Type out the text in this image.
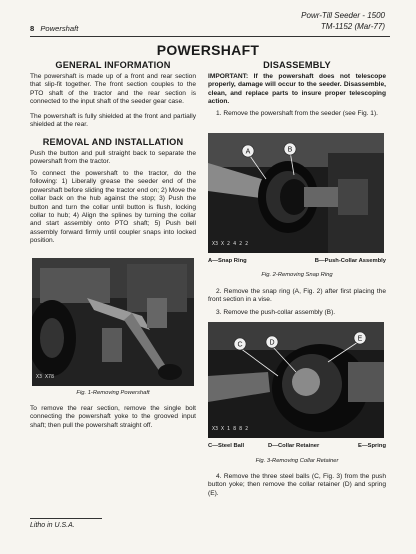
Powr-Till Seeder - 1500
TM-1152 (Mar-77)
8 Powershaft
POWERSHAFT
GENERAL INFORMATION

The powershaft is made up of a front and rear section that slip-fit together. The front section couples to the PTO shaft of the tractor and the rear section is connected to the input shaft of the seeder gear case.

The powershaft is fully shielded at the front and partially shielded at the rear.

REMOVAL AND INSTALLATION

Push the button and pull straight back to separate the powershaft from the tractor.

To connect the powershaft to the tractor, do the following: 1) Liberally grease the seeder end of the powershaft before sliding the tractor end on; 2) Move the collar back on the hub against the stop; 3) Push the button and turn the collar until button is flush, locking collar to hub; 4) Align the splines by turning the collar and start assembly onto PTO shaft; 5) Push bell assembly forward firmly until coupler snaps into locked position.

X3 X78
Fig. 1-Removing Powershaft

To remove the rear section, remove the single bolt connecting the powershaft yoke to the grooved input shaft; then pull the powershaft straight off.

DISASSEMBLY

IMPORTANT: If the powershaft does not telescope properly, damage will occur to the seeder. Disassemble, clean, and replace parts to insure proper telescoping action.

1. Remove the powershaft from the seeder (see Fig. 1).

A	B
X3 X 2 4 2 2
A—Snap Ring	B—Push-Collar Assembly
Fig. 2-Removing Snap Ring

2. Remove the snap ring (A, Fig. 2) after first placing the front section in a vise.

3. Remove the push-collar assembly (B).

C	D
E
X3 X 1 8 8 2
C—Steel Ball	D—Collar Retainer	E—Spring
Fig. 3-Removing Collar Retainer

4. Remove the three steel balls (C, Fig. 3) from the push button yoke; then remove the collar retainer (D) and spring (E).

Litho in U.S.A.
